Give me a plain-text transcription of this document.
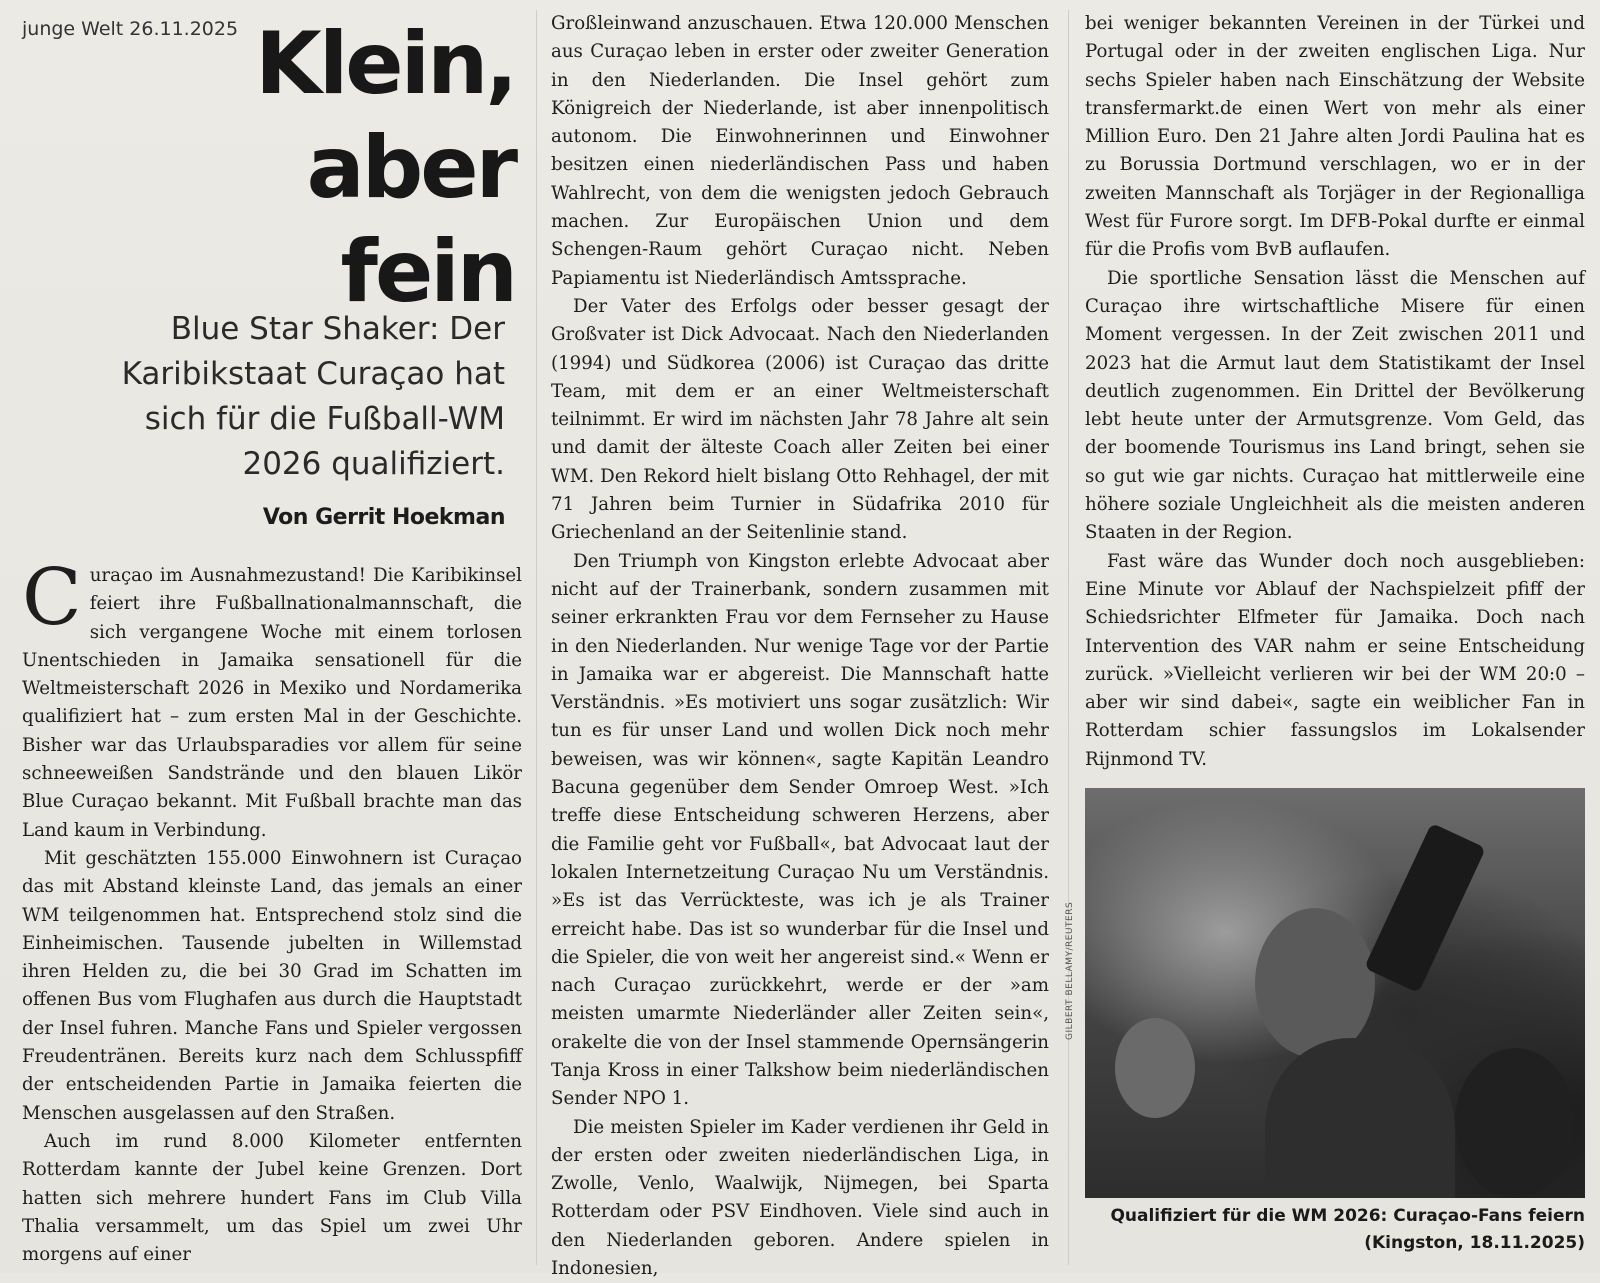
junge Welt 26.11.2025 Klein,
aber fein
Blue Star Shaker: Der Karibikstaat Curaçao hat sich für die Fußball-WM 2026 qualifiziert.
Von Gerrit Hoekman

Curaçao im Ausnahmezustand! Die Karibikinsel feiert ihre Fußballnationalmannschaft, die sich vergangene Woche mit einem torlosen Unentschieden in Jamaika sensationell für die Weltmeisterschaft 2026 in Mexiko und Nordamerika qualifiziert hat – zum ersten Mal in der Geschichte. Bisher war das Urlaubsparadies vor allem für seine schneeweißen Sandstrände und den blauen Likör Blue Curaçao bekannt. Mit Fußball brachte man das Land kaum in Verbindung.

Mit geschätzten 155.000 Einwohnern ist Curaçao das mit Abstand kleinste Land, das jemals an einer WM teilgenommen hat. Entsprechend stolz sind die Einheimischen. Tausende jubelten in Willemstad ihren Helden zu, die bei 30 Grad im Schatten im offenen Bus vom Flughafen aus durch die Hauptstadt der Insel fuhren. Manche Fans und Spieler vergossen Freudentränen. Bereits kurz nach dem Schlusspfiff der entscheidenden Partie in Jamaika feierten die Menschen ausgelassen auf den Straßen.

Auch im rund 8.000 Kilometer entfernten Rotterdam kannte der Jubel keine Grenzen. Dort hatten sich mehrere hundert Fans im Club Villa Thalia versammelt, um das Spiel um zwei Uhr morgens auf einer

Großleinwand anzuschauen. Etwa 120.000 Menschen aus Curaçao leben in erster oder zweiter Generation in den Niederlanden. Die Insel gehört zum Königreich der Niederlande, ist aber innenpolitisch autonom. Die Einwohnerinnen und Einwohner besitzen einen niederländischen Pass und haben Wahlrecht, von dem die wenigsten jedoch Gebrauch machen. Zur Europäischen Union und dem Schengen-Raum gehört Curaçao nicht. Neben Papiamentu ist Niederländisch Amtssprache.

Der Vater des Erfolgs oder besser gesagt der Großvater ist Dick Advocaat. Nach den Niederlanden (1994) und Südkorea (2006) ist Curaçao das dritte Team, mit dem er an einer Weltmeisterschaft teilnimmt. Er wird im nächsten Jahr 78 Jahre alt sein und damit der älteste Coach aller Zeiten bei einer WM. Den Rekord hielt bislang Otto Rehhagel, der mit 71 Jahren beim Turnier in Südafrika 2010 für Griechenland an der Seitenlinie stand.

Den Triumph von Kingston erlebte Advocaat aber nicht auf der Trainerbank, sondern zusammen mit seiner erkrankten Frau vor dem Fernseher zu Hause in den Niederlanden. Nur wenige Tage vor der Partie in Jamaika war er abgereist. Die Mannschaft hatte Verständnis. »Es motiviert uns sogar zusätzlich: Wir tun es für unser Land und wollen Dick noch mehr beweisen, was wir können«, sagte Kapitän Leandro Bacuna gegenüber dem Sender Omroep West. »Ich treffe diese Entscheidung schweren Herzens, aber die Familie geht vor Fußball«, bat Advocaat laut der lokalen Internetzeitung Curaçao Nu um Verständnis. »Es ist das Verrückteste, was ich je als Trainer erreicht habe. Das ist so wunderbar für die Insel und die Spieler, die von weit her angereist sind.« Wenn er nach Curaçao zurückkehrt, werde er der »am meisten umarmte Niederländer aller Zeiten sein«, orakelte die von der Insel stammende Opernsängerin Tanja Kross in einer Talkshow beim niederländischen Sender NPO 1.

Die meisten Spieler im Kader verdienen ihr Geld in der ersten oder zweiten niederländischen Liga, in Zwolle, Venlo, Waalwijk, Nijmegen, bei Sparta Rotterdam oder PSV Eindhoven. Viele sind auch in den Niederlanden geboren. Andere spielen in Indonesien,

bei weniger bekannten Vereinen in der Türkei und Portugal oder in der zweiten englischen Liga. Nur sechs Spieler haben nach Einschätzung der Website transfermarkt.de einen Wert von mehr als einer Million Euro. Den 21 Jahre alten Jordi Paulina hat es zu Borussia Dortmund verschlagen, wo er in der zweiten Mannschaft als Torjäger in der Regionalliga West für Furore sorgt. Im DFB-Pokal durfte er einmal für die Profis vom BvB auflaufen.

Die sportliche Sensation lässt die Menschen auf Curaçao ihre wirtschaftliche Misere für einen Moment vergessen. In der Zeit zwischen 2011 und 2023 hat die Armut laut dem Statistikamt der Insel deutlich zugenommen. Ein Drittel der Bevölkerung lebt heute unter der Armutsgrenze. Vom Geld, das der boomende Tourismus ins Land bringt, sehen sie so gut wie gar nichts. Curaçao hat mittlerweile eine höhere soziale Ungleichheit als die meisten anderen Staaten in der Region.

Fast wäre das Wunder doch noch ausgeblieben: Eine Minute vor Ablauf der Nachspielzeit pfiff der Schiedsrichter Elfmeter für Jamaika. Doch nach Intervention des VAR nahm er seine Entscheidung zurück. »Vielleicht verlieren wir bei der WM 20:0 – aber wir sind dabei«, sagte ein weiblicher Fan in Rotterdam schier fassungslos im Lokalsender Rijnmond TV.

GILBERT BELLAMY/REUTERS
Qualifiziert für die WM 2026: Curaçao-Fans feiern
(Kingston, 18.11.2025)
